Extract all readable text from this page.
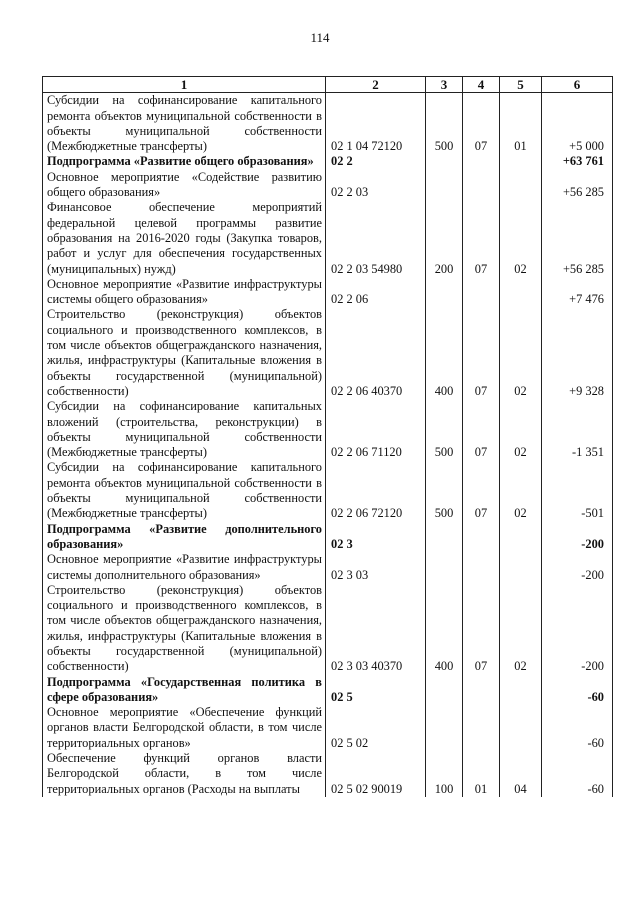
114
1	2	3	4	5	6
Субсидии на софинансирование капитального ремонта объектов муниципальной собственности в объекты муниципальной собственности (Межбюджетные трансферты)	02 1 04 72120	500	07	01	+5 000
Подпрограмма «Развитие общего образования»	02 2				+63 761
Основное мероприятие «Содействие развитию общего образования»	02 2 03				+56 285
Финансовое обеспечение мероприятий федеральной целевой программы развитие образования на 2016-2020 годы (Закупка товаров, работ и услуг для обеспечения государственных (муниципальных) нужд)	02 2 03 54980	200	07	02	+56 285
Основное мероприятие «Развитие инфраструктуры системы общего образования»	02 2 06				+7 476
Строительство (реконструкция) объектов социального и производственного комплексов, в том числе объектов общегражданского назначения, жилья, инфраструктуры (Капитальные вложения в объекты государственной (муниципальной) собственности)	02 2 06 40370	400	07	02	+9 328
Субсидии на софинансирование капитальных вложений (строительства, реконструкции) в объекты муниципальной собственности (Межбюджетные трансферты)	02 2 06 71120	500	07	02	-1 351
Субсидии на софинансирование капитального ремонта объектов муниципальной собственности в объекты муниципальной собственности (Межбюджетные трансферты)	02 2 06 72120	500	07	02	-501
Подпрограмма «Развитие дополнительного образования»	02 3				-200
Основное мероприятие «Развитие инфраструктуры системы дополнительного образования»	02 3 03				-200
Строительство (реконструкция) объектов социального и производственного комплексов, в том числе объектов общегражданского назначения, жилья, инфраструктуры (Капитальные вложения в объекты государственной (муниципальной) собственности)	02 3 03 40370	400	07	02	-200
Подпрограмма «Государственная политика в сфере образования»	02 5				-60
Основное мероприятие «Обеспечение функций органов власти Белгородской области, в том числе территориальных органов»	02 5 02				-60
Обеспечение функций органов власти Белгородской области, в том числе территориальных органов (Расходы на выплаты	02 5 02 90019	100	01	04	-60
